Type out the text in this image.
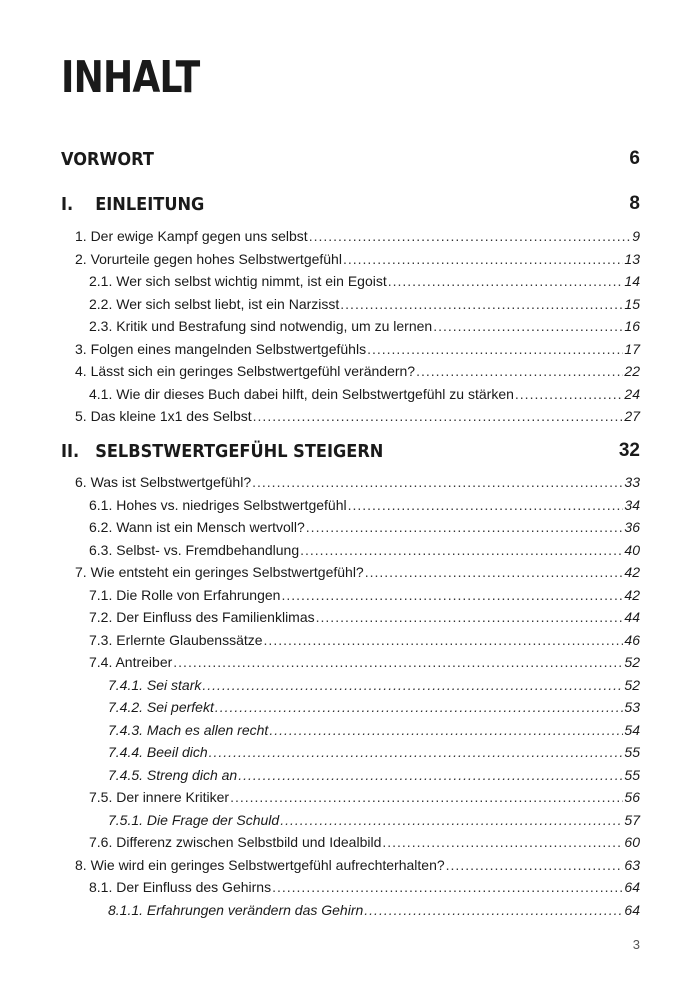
INHALT
VORWORT	6
I.	EINLEITUNG	8
1. Der ewige Kampf gegen uns selbst .....	9
2. Vorurteile gegen hohes Selbstwertgefühl .....	13
2.1. Wer sich selbst wichtig nimmt, ist ein Egoist .....	14
2.2. Wer sich selbst liebt, ist ein Narzisst .....	15
2.3. Kritik und Bestrafung sind notwendig, um zu lernen .....	16
3. Folgen eines mangelnden Selbstwertgefühls .....	17
4. Lässt sich ein geringes Selbstwertgefühl verändern? .....	22
4.1. Wie dir dieses Buch dabei hilft, dein Selbstwertgefühl zu stärken .....	24
5. Das kleine 1x1 des Selbst .....	27
II. SELBSTWERTGEFÜHL STEIGERN	32
6. Was ist Selbstwertgefühl? .....	33
6.1. Hohes vs. niedriges Selbstwertgefühl .....	34
6.2. Wann ist ein Mensch wertvoll? .....	36
6.3. Selbst- vs. Fremdbehandlung .....	40
7. Wie entsteht ein geringes Selbstwertgefühl? .....	42
7.1. Die Rolle von Erfahrungen .....	42
7.2. Der Einfluss des Familienklimas .....	44
7.3. Erlernte Glaubenssätze .....	46
7.4. Antreiber .....	52
7.4.1. Sei stark .....	52
7.4.2. Sei perfekt .....	53
7.4.3. Mach es allen recht .....	54
7.4.4. Beeil dich .....	55
7.4.5. Streng dich an .....	55
7.5. Der innere Kritiker .....	56
7.5.1. Die Frage der Schuld .....	57
7.6. Differenz zwischen Selbstbild und Idealbild .....	60
8. Wie wird ein geringes Selbstwertgefühl aufrechterhalten? .....	63
8.1. Der Einfluss des Gehirns .....	64
8.1.1. Erfahrungen verändern das Gehirn .....	64
3
